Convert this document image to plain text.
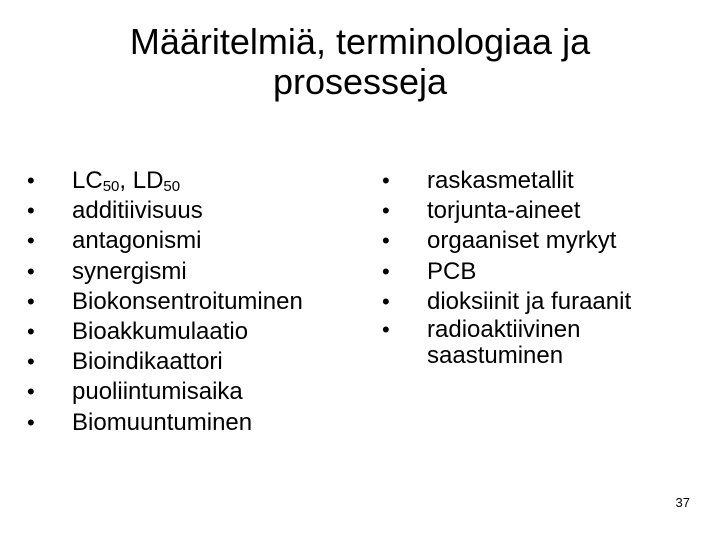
Määritelmiä, terminologiaa ja
prosesseja
•	$LC_{50}$, $LD_{50}$
•	additiivisuus
•	antagonismi
•	synergismi
•	Biokonsentroituminen
•	Bioakkumulaatio
•	Bioindikaattori
•	puoliintumisaika
•	Biomuuntuminen
•	raskasmetallit
•	torjunta-aineet
•	orgaaniset myrkyt
•	PCB
•	dioksiinit ja furaanit
•	radioaktiivinen saastuminen
37
